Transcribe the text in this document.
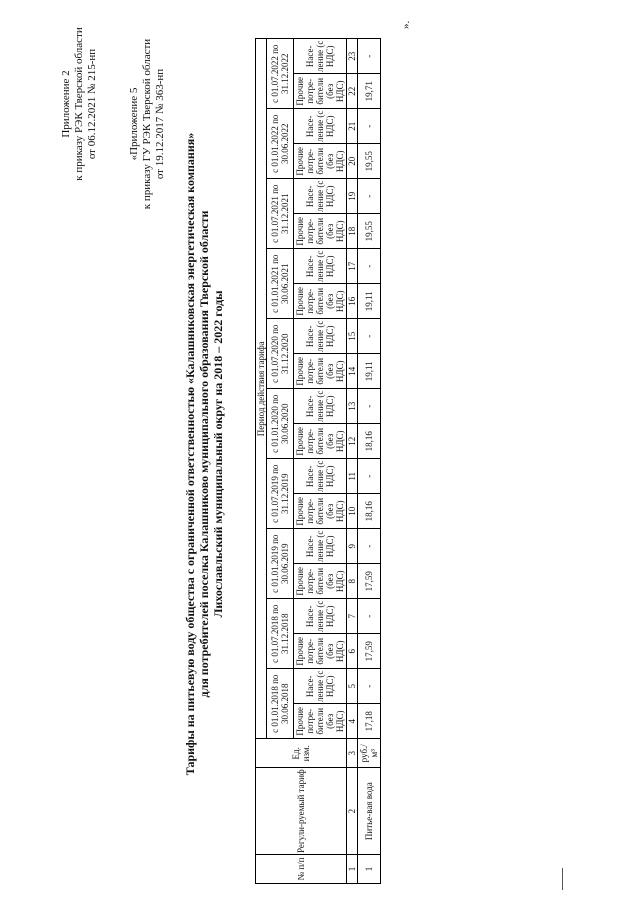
Приложение 2 к приказу РЭК Тверской области от 06.12.2021 № 215-нп	«Приложение 5 к приказу ГУ РЭК Тверской области от 19.12.2017 № 363-нп
Тарифы на питьевую воду общества с ограниченной ответственностью «Калашниковская энергетическая компания» для потребителей поселка Калашниково муниципального образования Тверской области Лихославльский муниципальный округ на 2018 – 2022 годы
№ п/п	Регули-руемый тариф	Ед. изм.	Период действия тарифа																			
			с 01.01.2018 по 30.06.2018		с 01.07.2018 по 31.12.2018		с 01.01.2019 по 30.06.2019		с 01.07.2019 по 31.12.2019		с 01.01.2020 по 30.06.2020		с 01.07.2020 по 31.12.2020		с 01.01.2021 по 30.06.2021		с 01.07.2021 по 31.12.2021		с 01.01.2022 по 30.06.2022		с 01.07.2022 по 31.12.2022	
			Прочие потре-бители (без НДС)	Насе-ление (с НДС)	Прочие потре-бители (без НДС)	Насе-ление (с НДС)	Прочие потре-бители (без НДС)	Насе-ление (с НДС)	Прочие потре-бители (без НДС)	Насе-ление (с НДС)	Прочие потре-бители (без НДС)	Насе-ление (с НДС)	Прочие потре-бители (без НДС)	Насе-ление (с НДС)	Прочие потре-бители (без НДС)	Насе-ление (с НДС)	Прочие потре-бители (без НДС)	Насе-ление (с НДС)	Прочие потре-бители (без НДС)	Насе-ление (с НДС)	Прочие потре-бители (без НДС)	Насе-ление (с НДС)
1	2	3	4	5	6	7	8	9	10	11	12	13	14	15	16	17	18	19	20	21	22	23
1	Питье-вая вода	руб./м³	17,18	-	17,59	-	17,59	-	18,16	-	18,16	-	19,11	-	19,11	-	19,55	-	19,55	-	19,71	-
».
